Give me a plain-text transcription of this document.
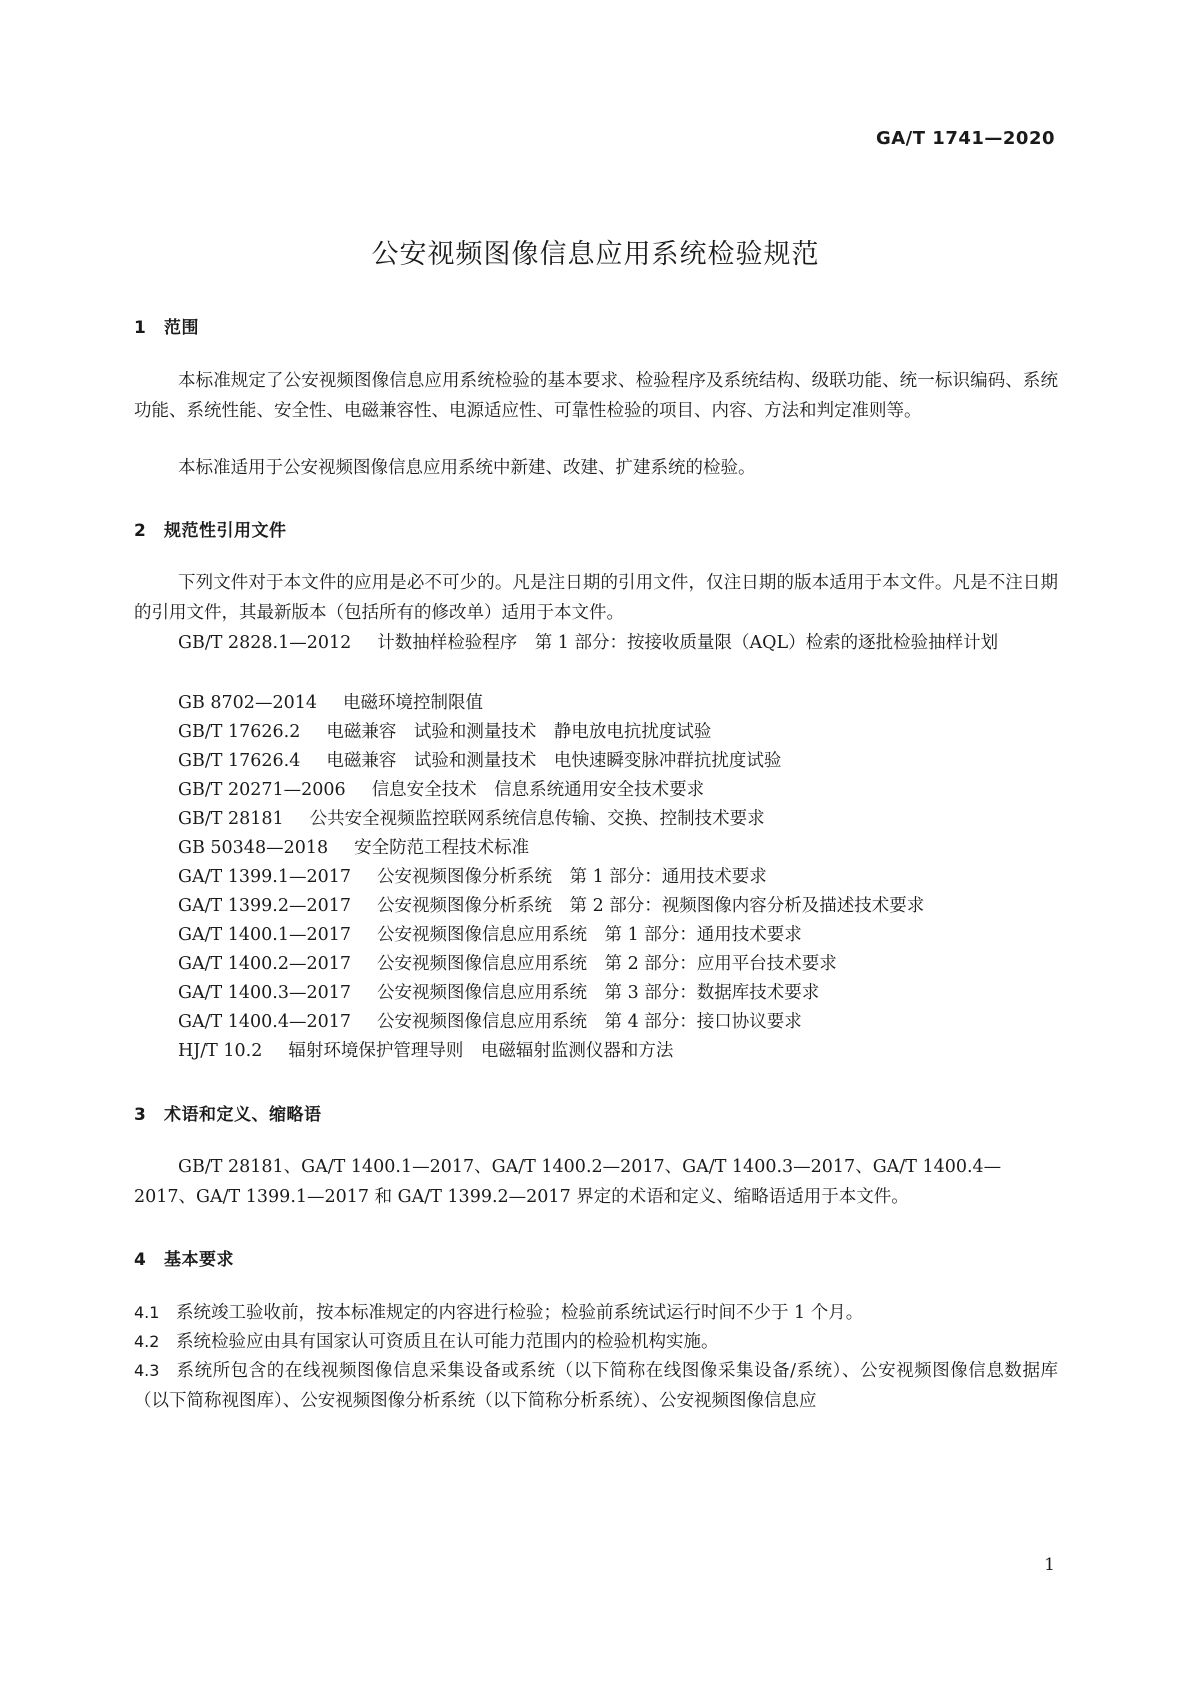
GA/T 1741—2020
公安视频图像信息应用系统检验规范
1 范围
本标准规定了公安视频图像信息应用系统检验的基本要求、检验程序及系统结构、级联功能、统一标识编码、系统功能、系统性能、安全性、电磁兼容性、电源适应性、可靠性检验的项目、内容、方法和判定准则等。
本标准适用于公安视频图像信息应用系统中新建、改建、扩建系统的检验。
2 规范性引用文件
下列文件对于本文件的应用是必不可少的。凡是注日期的引用文件，仅注日期的版本适用于本文件。凡是不注日期的引用文件，其最新版本（包括所有的修改单）适用于本文件。
GB/T 2828.1—2012 计数抽样检验程序　第 1 部分：按接收质量限（AQL）检索的逐批检验抽样计划
GB 8702—2014 电磁环境控制限值
GB/T 17626.2 电磁兼容　试验和测量技术　静电放电抗扰度试验
GB/T 17626.4 电磁兼容　试验和测量技术　电快速瞬变脉冲群抗扰度试验
GB/T 20271—2006 信息安全技术　信息系统通用安全技术要求
GB/T 28181 公共安全视频监控联网系统信息传输、交换、控制技术要求
GB 50348—2018 安全防范工程技术标准
GA/T 1399.1—2017 公安视频图像分析系统　第 1 部分：通用技术要求
GA/T 1399.2—2017 公安视频图像分析系统　第 2 部分：视频图像内容分析及描述技术要求
GA/T 1400.1—2017 公安视频图像信息应用系统　第 1 部分：通用技术要求
GA/T 1400.2—2017 公安视频图像信息应用系统　第 2 部分：应用平台技术要求
GA/T 1400.3—2017 公安视频图像信息应用系统　第 3 部分：数据库技术要求
GA/T 1400.4—2017 公安视频图像信息应用系统　第 4 部分：接口协议要求
HJ/T 10.2 辐射环境保护管理导则　电磁辐射监测仪器和方法
3 术语和定义、缩略语
GB/T 28181、GA/T 1400.1—2017、GA/T 1400.2—2017、GA/T 1400.3—2017、GA/T 1400.4—2017、GA/T 1399.1—2017 和 GA/T 1399.2—2017 界定的术语和定义、缩略语适用于本文件。
4 基本要求
4.1 系统竣工验收前，按本标准规定的内容进行检验；检验前系统试运行时间不少于 1 个月。
4.2 系统检验应由具有国家认可资质且在认可能力范围内的检验机构实施。
4.3 系统所包含的在线视频图像信息采集设备或系统（以下简称在线图像采集设备/系统）、公安视频图像信息数据库（以下简称视图库）、公安视频图像分析系统（以下简称分析系统）、公安视频图像信息应
1
